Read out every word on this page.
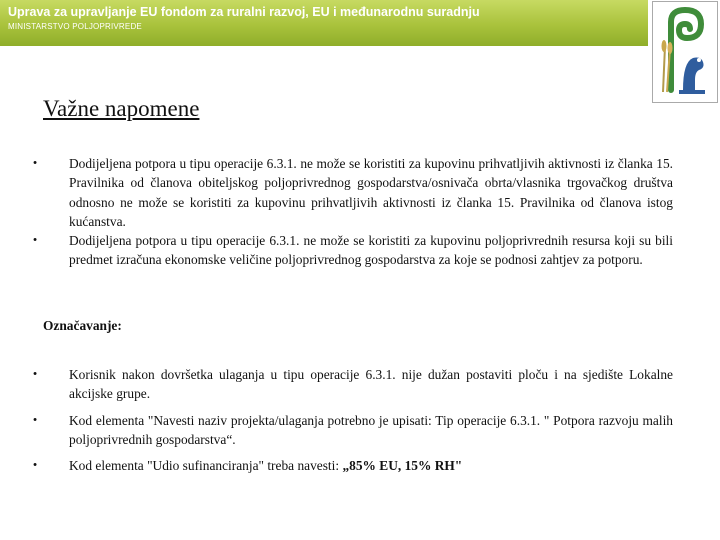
Uprava za upravljanje EU fondom za ruralni razvoj, EU i međunarodnu suradnju
MINISTARSTVO POLJOPRIVREDE
Važne napomene
• Dodijeljena potpora u tipu operacije 6.3.1. ne može se koristiti za kupovinu prihvatljivih aktivnosti iz članka 15. Pravilnika od članova obiteljskog poljoprivrednog gospodarstva/osnivača obrta/vlasnika trgovačkog društva odnosno ne može se koristiti za kupovinu prihvatljivih aktivnosti iz članka 15. Pravilnika od članova istog kućanstva.
• Dodijeljena potpora u tipu operacije 6.3.1. ne može se koristiti za kupovinu poljoprivrednih resursa koji su bili predmet izračuna ekonomske veličine poljoprivrednog gospodarstva za koje se podnosi zahtjev za potporu.
Označavanje:
• Korisnik nakon dovršetka ulaganja u tipu operacije 6.3.1. nije dužan postaviti ploču i na sjedište Lokalne akcijske grupe.
• Kod elementa "Navesti naziv projekta/ulaganja potrebno je upisati: Tip operacije 6.3.1. " Potpora razvoju malih poljoprivrednih gospodarstva“.
• Kod elementa "Udio sufinanciranja" treba navesti: „85% EU, 15% RH"
